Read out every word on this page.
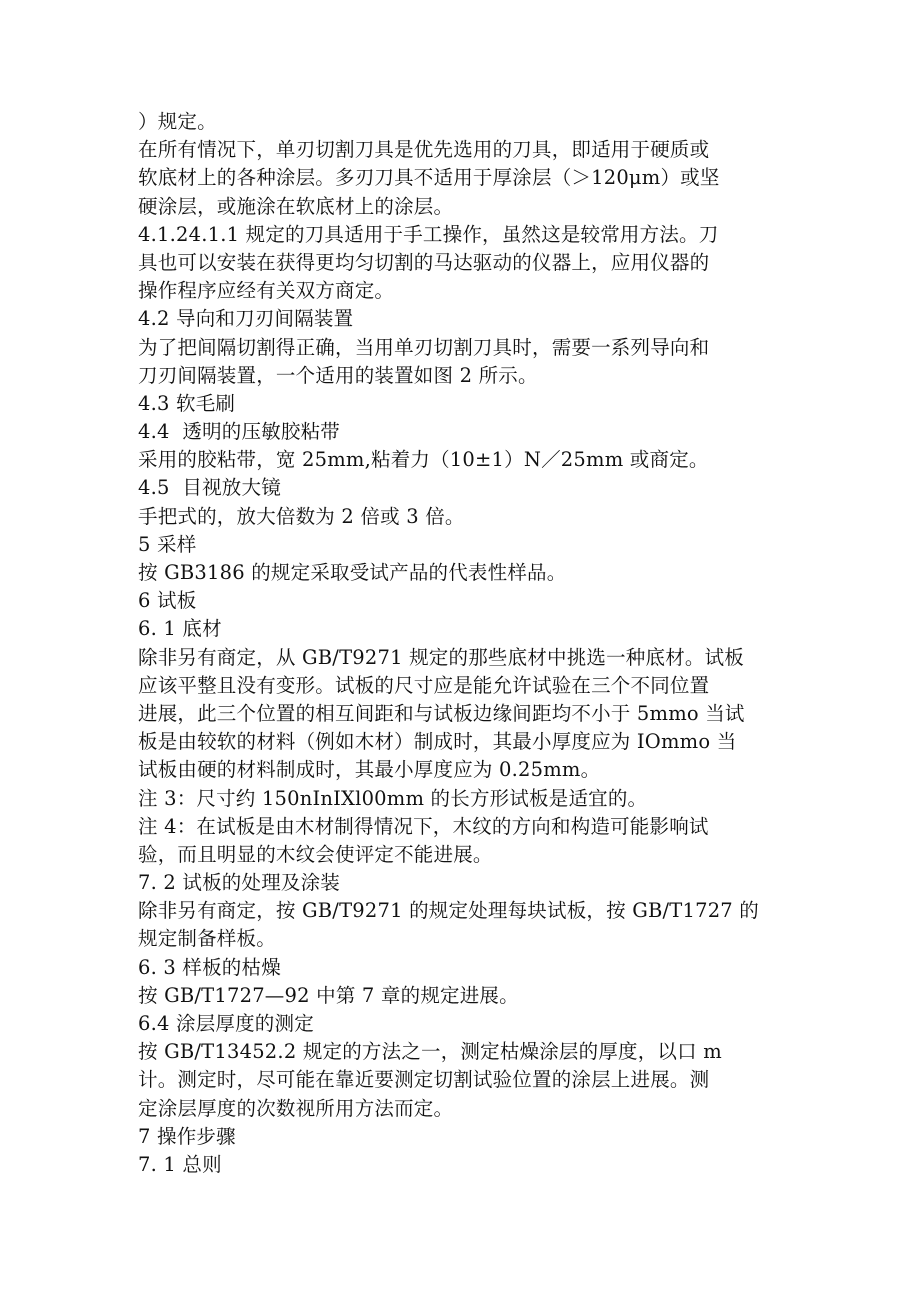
）规定。
在所有情况下，单刃切割刀具是优先选用的刀具，即适用于硬质或
软底材上的各种涂层。多刃刀具不适用于厚涂层（＞120μm）或坚
硬涂层，或施涂在软底材上的涂层。
4.1.24.1.1 规定的刀具适用于手工操作，虽然这是较常用方法。刀
具也可以安装在获得更均匀切割的马达驱动的仪器上，应用仪器的
操作程序应经有关双方商定。
4.2 导向和刀刃间隔装置
为了把间隔切割得正确，当用单刃切割刀具时，需要一系列导向和
刀刃间隔装置，一个适用的装置如图 2 所示。
4.3 软毛刷
4.4  透明的压敏胶粘带
采用的胶粘带，宽 25mm,粘着力（10±1）N／25mm 或商定。
4.5  目视放大镜
手把式的，放大倍数为 2 倍或 3 倍。
5 采样
按 GB3186 的规定采取受试产品的代表性样品。
6 试板
6. 1 底材
除非另有商定，从 GB/T9271 规定的那些底材中挑选一种底材。试板
应该平整且没有变形。试板的尺寸应是能允许试验在三个不同位置
进展，此三个位置的相互间距和与试板边缘间距均不小于 5mmo 当试
板是由较软的材料（例如木材）制成时，其最小厚度应为 IOmmo 当
试板由硬的材料制成时，其最小厚度应为 0.25mm。
注 3：尺寸约 150nInIXl00mm 的长方形试板是适宜的。
注 4：在试板是由木材制得情况下，木纹的方向和构造可能影响试
验，而且明显的木纹会使评定不能进展。
7. 2 试板的处理及涂装
除非另有商定，按 GB/T9271 的规定处理每块试板，按 GB/T1727 的
规定制备样板。
6. 3 样板的枯燥
按 GB/T1727—92 中第 7 章的规定进展。
6.4 涂层厚度的测定
按 GB/T13452.2 规定的方法之一，测定枯燥涂层的厚度，以口 m
计。测定时，尽可能在靠近要测定切割试验位置的涂层上进展。测
定涂层厚度的次数视所用方法而定。
7 操作步骤
7. 1 总则
